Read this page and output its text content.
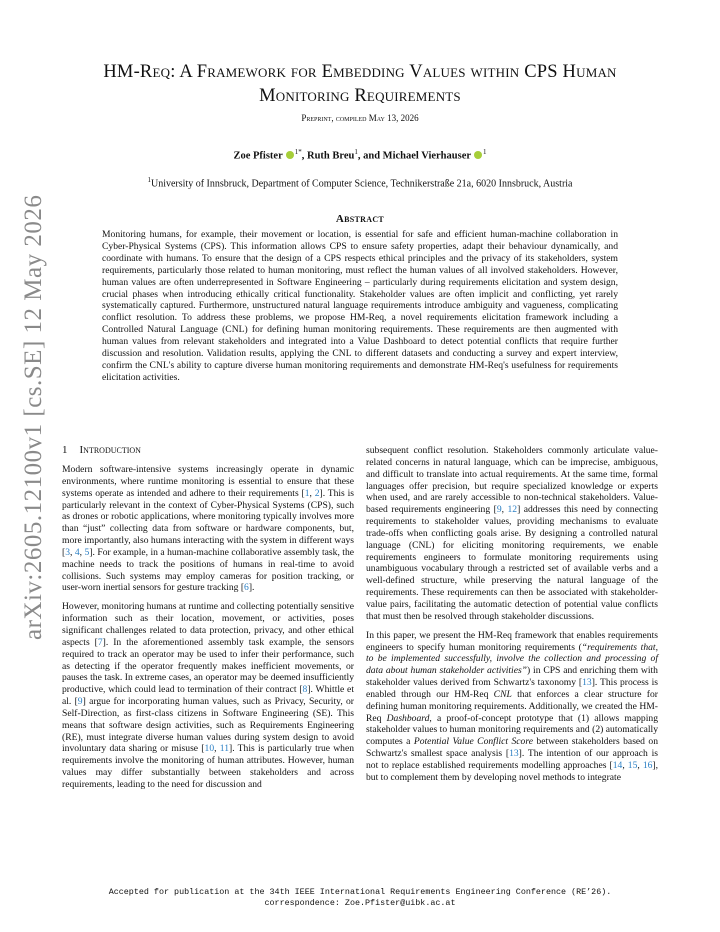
arXiv:2605.12100v1 [cs.SE] 12 May 2026
HM-Req: A Framework for Embedding Values within CPS Human
Monitoring Requirements
Preprint, compiled May 13, 2026
Zoe Pfister $^{1*}$, Ruth Breu$^1$, and Michael Vierhauser $^1$
$^1$University of Innsbruck, Department of Computer Science, Technikerstraße 21a, 6020 Innsbruck, Austria
Abstract
Monitoring humans, for example, their movement or location, is essential for safe and efficient human-machine collaboration in Cyber-Physical Systems (CPS). This information allows CPS to ensure safety properties, adapt their behaviour dynamically, and coordinate with humans. To ensure that the design of a CPS respects ethical principles and the privacy of its stakeholders, system requirements, particularly those related to human monitoring, must reflect the human values of all involved stakeholders. However, human values are often underrepresented in Software Engineering – particularly during requirements elicitation and system design, crucial phases when introducing ethically critical functionality. Stakeholder values are often implicit and conflicting, yet rarely systematically captured. Furthermore, unstructured natural language requirements introduce ambiguity and vagueness, complicating conflict resolution. To address these problems, we propose HM-Req, a novel requirements elicitation framework including a Controlled Natural Language (CNL) for defining human monitoring requirements. These requirements are then augmented with human values from relevant stakeholders and integrated into a Value Dashboard to detect potential conflicts that require further discussion and resolution. Validation results, applying the CNL to different datasets and conducting a survey and expert interview, confirm the CNL's ability to capture diverse human monitoring requirements and demonstrate HM-Req's usefulness for requirements elicitation activities.
1 Introduction

Modern software-intensive systems increasingly operate in dynamic environments, where runtime monitoring is essential to ensure that these systems operate as intended and adhere to their requirements [1, 2]. This is particularly relevant in the context of Cyber-Physical Systems (CPS), such as drones or robotic applications, where monitoring typically involves more than “just” collecting data from software or hardware components, but, more importantly, also humans interacting with the system in different ways [3, 4, 5]. For example, in a human-machine collaborative assembly task, the machine needs to track the positions of humans in real-time to avoid collisions. Such systems may employ cameras for position tracking, or user-worn inertial sensors for gesture tracking [6].

However, monitoring humans at runtime and collecting potentially sensitive information such as their location, movement, or activities, poses significant challenges related to data protection, privacy, and other ethical aspects [7]. In the aforementioned assembly task example, the sensors required to track an operator may be used to infer their performance, such as detecting if the operator frequently makes inefficient movements, or pauses the task. In extreme cases, an operator may be deemed insufficiently productive, which could lead to termination of their contract [8]. Whittle et al. [9] argue for incorporating human values, such as Privacy, Security, or Self-Direction, as first-class citizens in Software Engineering (SE). This means that software design activities, such as Requirements Engineering (RE), must integrate diverse human values during system design to avoid involuntary data sharing or misuse [10, 11]. This is particularly true when requirements involve the monitoring of human attributes. However, human values may differ substantially between stakeholders and across requirements, leading to the need for discussion and

subsequent conflict resolution. Stakeholders commonly articulate value-related concerns in natural language, which can be imprecise, ambiguous, and difficult to translate into actual requirements. At the same time, formal languages offer precision, but require specialized knowledge or experts when used, and are rarely accessible to non-technical stakeholders. Value-based requirements engineering [9, 12] addresses this need by connecting requirements to stakeholder values, providing mechanisms to evaluate trade-offs when conflicting goals arise. By designing a controlled natural language (CNL) for eliciting monitoring requirements, we enable requirements engineers to formulate monitoring requirements using unambiguous vocabulary through a restricted set of available verbs and a well-defined structure, while preserving the natural language of the requirements. These requirements can then be associated with stakeholder-value pairs, facilitating the automatic detection of potential value conflicts that must then be resolved through stakeholder discussions.

In this paper, we present the HM-Req framework that enables requirements engineers to specify human monitoring requirements (“requirements that, to be implemented successfully, involve the collection and processing of data about human stakeholder activities”) in CPS and enriching them with stakeholder values derived from Schwartz's taxonomy [13]. This process is enabled through our HM-Req CNL that enforces a clear structure for defining human monitoring requirements. Additionally, we created the HM-Req Dashboard, a proof-of-concept prototype that (1) allows mapping stakeholder values to human monitoring requirements and (2) automatically computes a Potential Value Conflict Score between stakeholders based on Schwartz's smallest space analysis [13]. The intention of our approach is not to replace established requirements modelling approaches [14, 15, 16], but to complement them by developing novel methods to integrate

Accepted for publication at the 34th IEEE International Requirements Engineering Conference (RE’26).
correspondence: Zoe.Pfister@uibk.ac.at
